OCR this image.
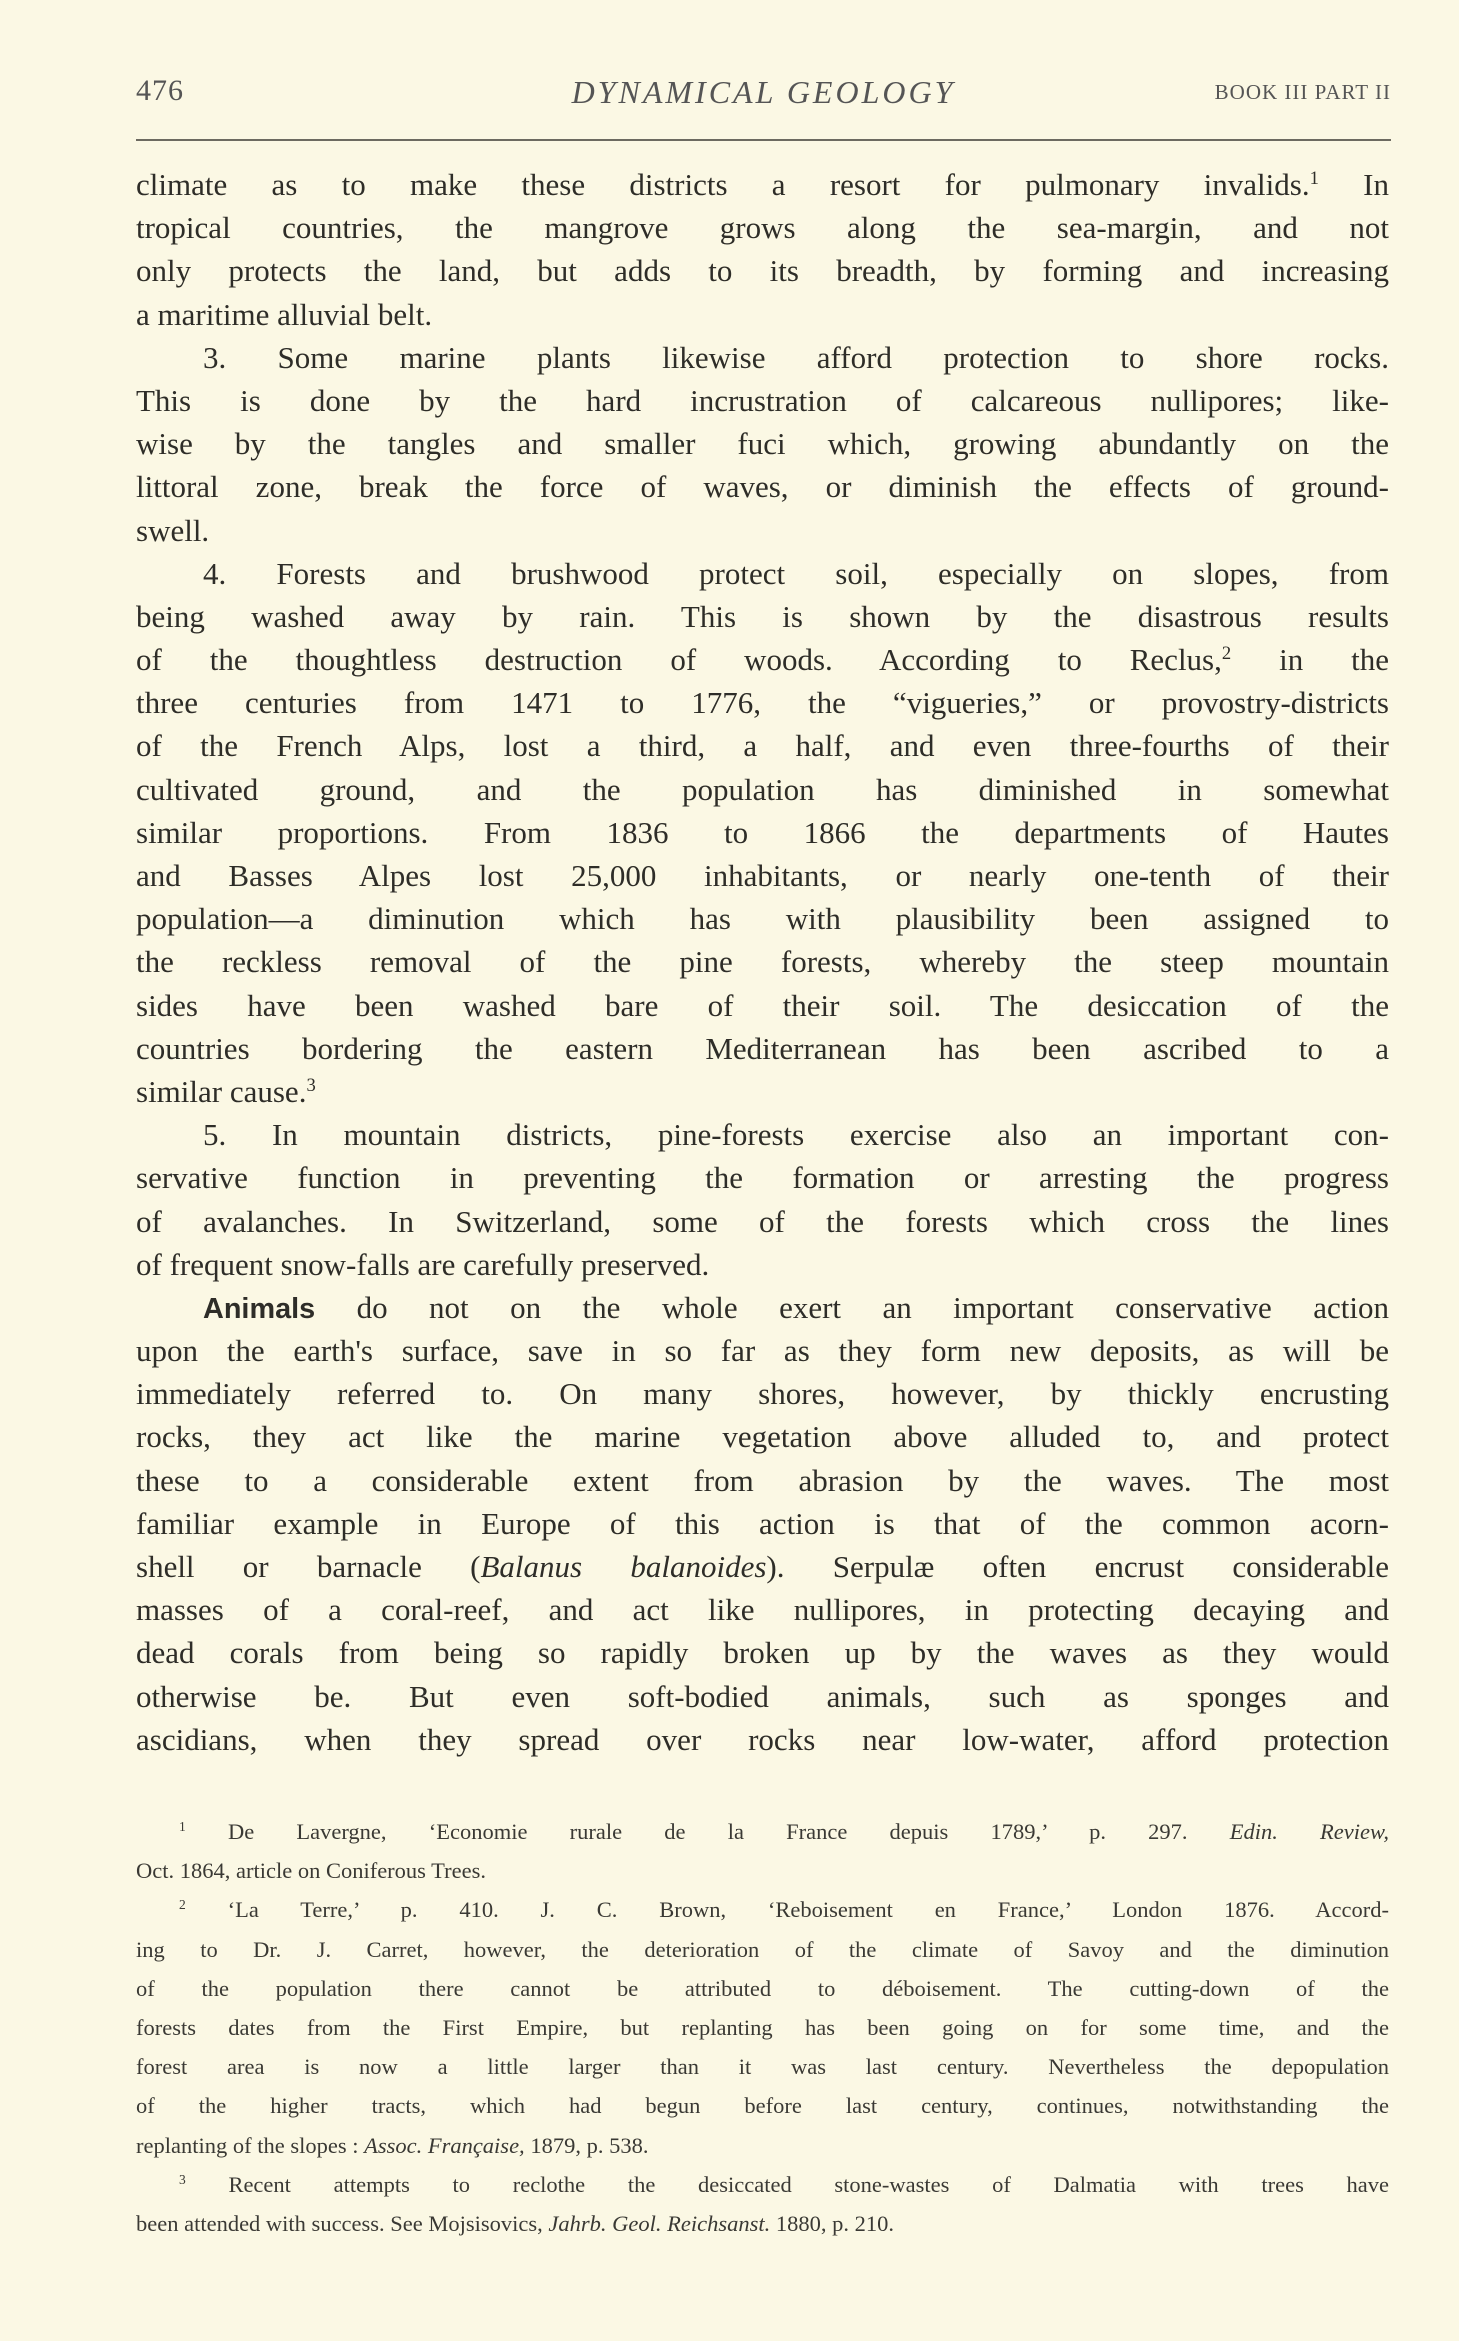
476	DYNAMICAL GEOLOGY	BOOK III PART II
climate as to make these districts a resort for pulmonary invalids.$^1$ In
tropical countries, the mangrove grows along the sea-margin, and not
only protects the land, but adds to its breadth, by forming and increasing
a maritime alluvial belt.
3. Some marine plants likewise afford protection to shore rocks.
This is done by the hard incrustration of calcareous nullipores; like-
wise by the tangles and smaller fuci which, growing abundantly on the
littoral zone, break the force of waves, or diminish the effects of ground-
swell.
4. Forests and brushwood protect soil, especially on slopes, from
being washed away by rain. This is shown by the disastrous results
of the thoughtless destruction of woods. According to Reclus,$^2$ in the
three centuries from 1471 to 1776, the “vigueries,” or provostry-districts
of the French Alps, lost a third, a half, and even three-fourths of their
cultivated ground, and the population has diminished in somewhat
similar proportions. From 1836 to 1866 the departments of Hautes
and Basses Alpes lost 25,000 inhabitants, or nearly one-tenth of their
population—a diminution which has with plausibility been assigned to
the reckless removal of the pine forests, whereby the steep mountain
sides have been washed bare of their soil. The desiccation of the
countries bordering the eastern Mediterranean has been ascribed to a
similar cause.$^3$
5. In mountain districts, pine-forests exercise also an important con-
servative function in preventing the formation or arresting the progress
of avalanches. In Switzerland, some of the forests which cross the lines
of frequent snow-falls are carefully preserved.
Animals do not on the whole exert an important conservative action
upon the earth's surface, save in so far as they form new deposits, as will be
immediately referred to. On many shores, however, by thickly encrusting
rocks, they act like the marine vegetation above alluded to, and protect
these to a considerable extent from abrasion by the waves. The most
familiar example in Europe of this action is that of the common acorn-
shell or barnacle (Balanus balanoides). Serpulæ often encrust considerable
masses of a coral-reef, and act like nullipores, in protecting decaying and
dead corals from being so rapidly broken up by the waves as they would
otherwise be. But even soft-bodied animals, such as sponges and
ascidians, when they spread over rocks near low-water, afford protection
$^1$ De Lavergne, ‘Economie rurale de la France depuis 1789,’ p. 297. Edin. Review,
Oct. 1864, article on Coniferous Trees.
$^2$ ‘La Terre,’ p. 410. J. C. Brown, ‘Reboisement en France,’ London 1876. Accord-
ing to Dr. J. Carret, however, the deterioration of the climate of Savoy and the diminution
of the population there cannot be attributed to déboisement. The cutting-down of the
forests dates from the First Empire, but replanting has been going on for some time, and the
forest area is now a little larger than it was last century. Nevertheless the depopulation
of the higher tracts, which had begun before last century, continues, notwithstanding the
replanting of the slopes : Assoc. Française, 1879, p. 538.
$^3$ Recent attempts to reclothe the desiccated stone-wastes of Dalmatia with trees have
been attended with success. See Mojsisovics, Jahrb. Geol. Reichsanst. 1880, p. 210.
